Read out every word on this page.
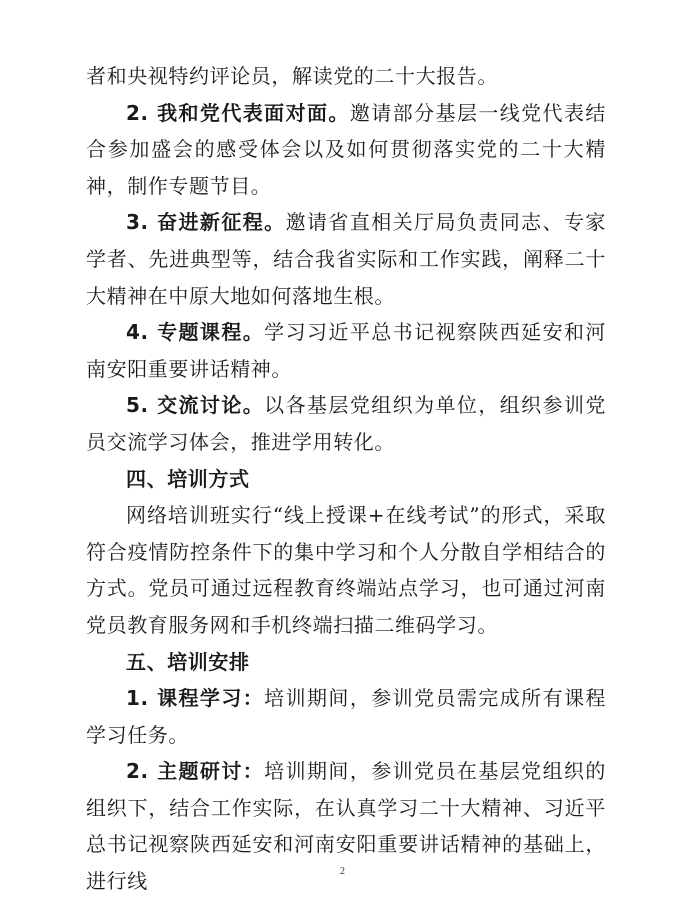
者和央视特约评论员，解读党的二十大报告。

2. 我和党代表面对面。邀请部分基层一线党代表结合参加盛会的感受体会以及如何贯彻落实党的二十大精神，制作专题节目。

3. 奋进新征程。邀请省直相关厅局负责同志、专家学者、先进典型等，结合我省实际和工作实践，阐释二十大精神在中原大地如何落地生根。

4. 专题课程。学习习近平总书记视察陕西延安和河南安阳重要讲话精神。

5. 交流讨论。以各基层党组织为单位，组织参训党员交流学习体会，推进学用转化。

四、培训方式

网络培训班实行“线上授课+在线考试”的形式，采取符合疫情防控条件下的集中学习和个人分散自学相结合的方式。党员可通过远程教育终端站点学习，也可通过河南党员教育服务网和手机终端扫描二维码学习。

五、培训安排

1. 课程学习：培训期间，参训党员需完成所有课程学习任务。

2. 主题研讨：培训期间，参训党员在基层党组织的组织下，结合工作实际，在认真学习二十大精神、习近平总书记视察陕西延安和河南安阳重要讲话精神的基础上，进行线	2
